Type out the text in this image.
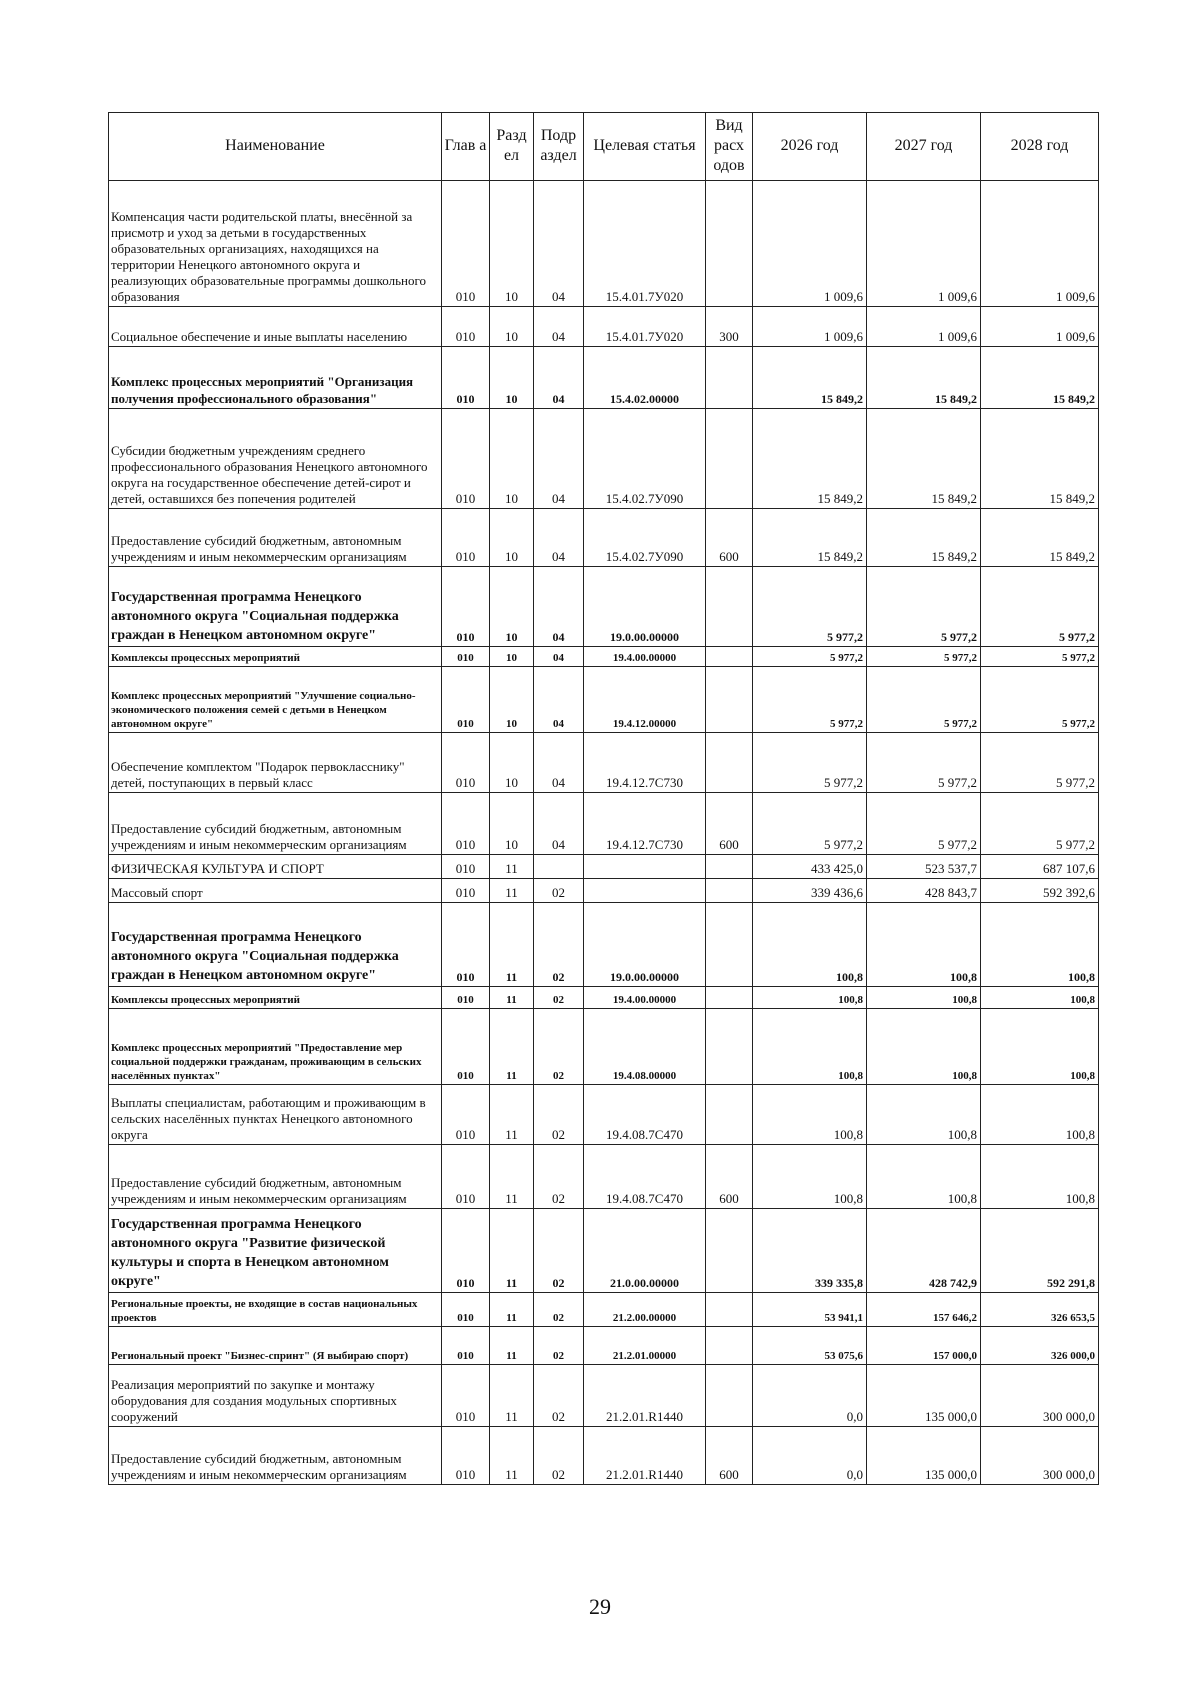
Наименование	Глав а	Разд ел	Подр аздел	Целевая статья	Вид расх одов	2026 год	2027 год	2028 год
Компенсация части родительской платы, внесённой за присмотр и уход за детьми в государственных образовательных организациях, находящихся на территории Ненецкого автономного округа и реализующих образовательные программы дошкольного образования	010	10	04	15.4.01.7У020		1 009,6	1 009,6	1 009,6
Социальное обеспечение и иные выплаты населению	010	10	04	15.4.01.7У020	300	1 009,6	1 009,6	1 009,6
Комплекс процессных мероприятий "Организация получения профессионального образования"	010	10	04	15.4.02.00000		15 849,2	15 849,2	15 849,2
Субсидии бюджетным учреждениям среднего профессионального образования Ненецкого автономного округа на государственное обеспечение детей-сирот и детей, оставшихся без попечения родителей	010	10	04	15.4.02.7У090		15 849,2	15 849,2	15 849,2
Предоставление субсидий бюджетным, автономным учреждениям и иным некоммерческим организациям	010	10	04	15.4.02.7У090	600	15 849,2	15 849,2	15 849,2
Государственная программа Ненецкого автономного округа "Социальная поддержка граждан в Ненецком автономном округе"	010	10	04	19.0.00.00000		5 977,2	5 977,2	5 977,2
Комплексы процессных мероприятий	010	10	04	19.4.00.00000		5 977,2	5 977,2	5 977,2
Комплекс процессных мероприятий "Улучшение социально-экономического положения семей с детьми в Ненецком автономном округе"	010	10	04	19.4.12.00000		5 977,2	5 977,2	5 977,2
Обеспечение комплектом "Подарок первокласснику" детей, поступающих в первый класс	010	10	04	19.4.12.7С730		5 977,2	5 977,2	5 977,2
Предоставление субсидий бюджетным, автономным учреждениям и иным некоммерческим организациям	010	10	04	19.4.12.7С730	600	5 977,2	5 977,2	5 977,2
ФИЗИЧЕСКАЯ КУЛЬТУРА И СПОРТ	010	11				433 425,0	523 537,7	687 107,6
Массовый спорт	010	11	02			339 436,6	428 843,7	592 392,6
Государственная программа Ненецкого автономного округа "Социальная поддержка граждан в Ненецком автономном округе"	010	11	02	19.0.00.00000		100,8	100,8	100,8
Комплексы процессных мероприятий	010	11	02	19.4.00.00000		100,8	100,8	100,8
Комплекс процессных мероприятий "Предоставление мер социальной поддержки гражданам, проживающим в сельских населённых пунктах"	010	11	02	19.4.08.00000		100,8	100,8	100,8
Выплаты специалистам, работающим и проживающим в сельских населённых пунктах Ненецкого автономного округа	010	11	02	19.4.08.7С470		100,8	100,8	100,8
Предоставление субсидий бюджетным, автономным учреждениям и иным некоммерческим организациям	010	11	02	19.4.08.7С470	600	100,8	100,8	100,8
Государственная программа Ненецкого автономного округа "Развитие физической культуры и спорта в Ненецком автономном округе"	010	11	02	21.0.00.00000		339 335,8	428 742,9	592 291,8
Региональные проекты, не входящие в состав национальных проектов	010	11	02	21.2.00.00000		53 941,1	157 646,2	326 653,5
Региональный проект "Бизнес-спринт" (Я выбираю спорт)	010	11	02	21.2.01.00000		53 075,6	157 000,0	326 000,0
Реализация мероприятий по закупке и монтажу оборудования для создания модульных спортивных сооружений	010	11	02	21.2.01.R1440		0,0	135 000,0	300 000,0
Предоставление субсидий бюджетным, автономным учреждениям и иным некоммерческим организациям	010	11	02	21.2.01.R1440	600	0,0	135 000,0	300 000,0
29
